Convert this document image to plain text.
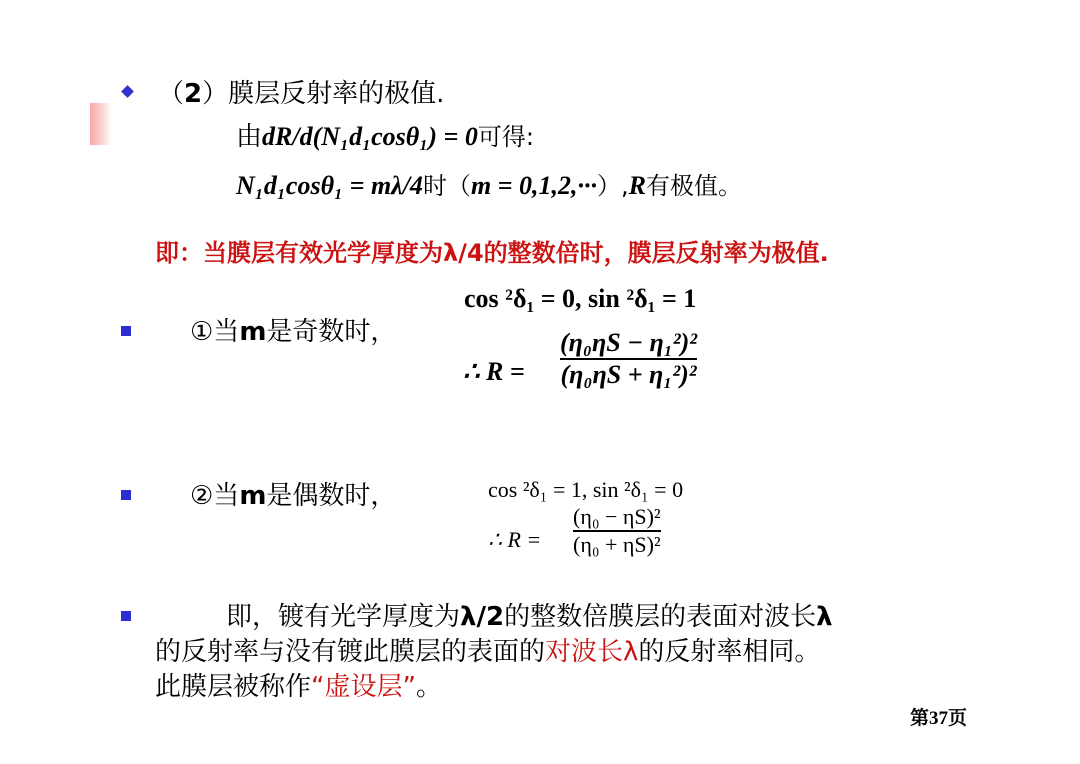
（2）膜层反射率的极值.
由dR/d(N₁d₁cosθ₁) = 0可得:
N₁d₁cosθ₁ = mλ/4时（m = 0,1,2,···）,R有极值。
即：当膜层有效光学厚度为λ/4的整数倍时，膜层反射率为极值.
①当m是奇数时，
cos ²δ₁ = 0, sin ²δ₁ = 1
∴ R =
(η₀ηS − η₁²)²
(η₀ηS + η₁²)²
②当m是偶数时，	cos ²δ₁ = 1, sin ²δ₁ = 0
∴ R =
(η₀ − ηS)²
(η₀ + ηS)²
即，镀有光学厚度为λ/2的整数倍膜层的表面对波长λ
的反射率与没有镀此膜层的表面的对波长λ的反射率相同。
此膜层被称作“虚设层”。
第37页
